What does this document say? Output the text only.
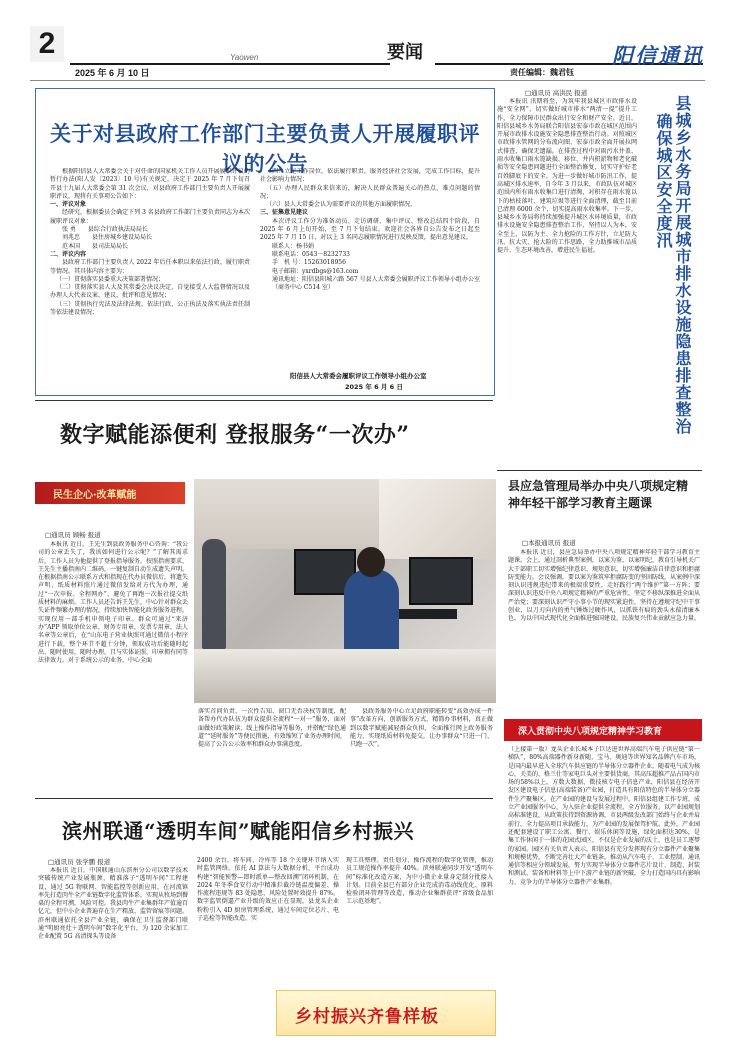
2	Yaowen	要闻
2025 年 6 月 10 日	责任编辑：魏君钰
阳信通讯
关于对县政府工作部门主要负责人开展履职评议的公告
根据阳信县人大常委会关于对任命的国家机关工作人员开展履职评议的暂行办法(阳人发〔2023〕10 号)有关规定，决定于 2025 年 7 月下旬召开县十九届人大常委会第 31 次会议，对县政府工作部门主要负责人开展履职评议，现将有关事项公告如下：
一、评议对象
经研究，根据委员会确定下列 3 名县政府工作部门主要负责同志为本次履职评议对象：
张 勇　　县综合行政执法局局长
刘兆忠　　县住房城乡建设局局长
范本国　　县司法局局长
二、评议内容
县政府工作部门主要负责人 2022 年后任本职以来依法行政、履行职责等情况。其具体内容主要为：
（一）贯彻落实县委重大决策部署情况；
（二）贯彻落实县人大及其常委会决议决定、自觉接受人大监督情况以及办理人大代表议案、建议、批评和意见情况；
（三）贯彻执行宪法及法律法规、依法行政、公正执法及落实执法责任制等依法建设情况；
（四）立足工作岗位，依法履行职责，服务经济社会发展，完成工作目标，提升社会影响力情况；
（五）办理人民群众来信来访，解决人民群众普遍关心的热点、难点问题的情况；
（六）县人大常委会认为需要评议的其他方面履职情况。
三、征集意见建议
本次评议工作分为准备动员、走访调研、集中评议、整改总结四个阶段，自 2025 年 6 月上旬开始，至 7 月下旬结束。欢迎社会各界自公告发布之日起至 2025 年 7 月 15 日，对以上 3 名同志履职情况进行反映反馈，提出意见建议。
联系人：杨书娟
联系电话：0543－8232733
手　机 号：15263018956
电子邮箱：yxrdbgs@163.com
通讯地址：阳信县阳城六路 567 号县人大常委会履职评议工作领导小组办公室（商务中心 C514 室）
阳信县人大常委会履职评议工作领导小组办公室
2025 年 6 月 6 日
□通讯员 高洪民 报道
本报讯 汛期将至，为筑牢我县城区市政排水设施“安全网”，切实做好城市排水“两清一提”提升工作，全力保障市民群众出行安全和财产安全。近日，阳信县城乡水务局联合阳信县宏泰市政在城区范围内开展市政排水设施安全隐患排查整治行动。对照城区市政排水管网的分布流向图，宏泰市政全面开展拉网式排查，确保无遗漏。在排查过程中对雨污水井盖、雨水收集口雨水篦缺损、移位、井内积淤物和老化破损等安全隐患问题进行全面整治修复，切实守护好老百姓脚底下的安全。为进一步做好城市防汛工作，提高城区排水速率，自今年 3 月以来，市政队伍对城区范围内所有雨水收集口进行清淘，对积存在雨水篦以下的枯枝落叶、建筑垃圾等进行全面清理，截至目前已清理 6000 余个，切实提高雨水收集率。下一步，县城乡水务局将持续加强提升城区水环境质量，市政排水设施安全隐患排查整治工作，坚持以人为本，安全至上，以防为主、全力抢险的工作方针，立足防大汛、抗大灾、抢大险的工作思路，全力助推城市品质提升、生态环境改善，增进民生福祉。	县城乡水务局开展城市排水设施隐患排查整治
确保城区安全度汛
数字赋能添便利 登报服务“一次办”
民生企心·改革赋能
□通讯员 顾畅 报道
本报讯 近日，王先生到县政务服务中心咨询：“我公司的公章丢失了，我该如何进行公示呢？”了解其需求后，工作人员为他提供了登报指导服务。按照指南要求，王先生主播指南内二维码，一键复制自动生成遗失声明。在根据指南公示联系方式和指现在代办员微信后，将遗失声明、纸质材料照片通过微信发给对方代为办理，通过“一次申报、全程网办”，避免了再跑一次报社提交纸质材料的麻烦。工作人员还告诉王先生，中心针对群众丢失证件频繁办理的情况，持续加快智能化政务服务进程，实现仅用一部手机申领电子印章。群众可通过“来济办”APP 领取单位公章、财务专用章、发票专用章、法人名章等公章后，在“山东电子营业执照可通过微信小程序进行下载，整个环节不超十分钟，领取成功后能随时起出、随时使用，随时办理，且与实体证照、印章拥有同等法律效力。对于系统公示的业务，中心全面
落实首问负责、一次性告知、窗口无否决权等制度，配备帮办代办队伍为群众提供全流程“一对一”服务，面对面做好政策解读、线上操作指导等服务，并搭配“绿色通道”“延时服务”等便民措施，有效缩短了业务办理时间，提高了公告公示效率和群众办事满意度。
县政务服务中心立足政府职能转变“高效办成一件事”改革方向，创新服务方式，精简办事材料，真正做到以数字赋能减轻群众负担，全面推行网上政务服务能力，实现纸质材料免提交，让办事群众“只进一门、只跑一次”。
县应急管理局举办中央八项规定精神年轻干部学习教育主题课
□本报通讯员 报道
本报讯 近日，县应急局举办中央八项规定精神年轻干部学习教育主题课。会上，通过剖析典型案例，以案为鉴、以案明纪，教育引导机关广大干部职工切实增强纪律意识、规矩意识，切实增强廉洁自律意识和拒腐防变能力。会议强调，要以案为鉴筑牢拒腐防变的坚固防线，从案例中深刻认识违规违纪带来的极端重要性，走好践行“两个维护”第一方阵；要深刻认识违反中央八项规定精神的严重危害性，坚定不移纵深推进全面从严治党；要深刻认识严守小事小节的现实紧迫性，坚持在遵规守纪中干事创业，以刀刃向内的勇气锤炼过硬作风，以抓铁有痕的劲头永葆清廉本色。为以中国式现代化全面推进强国建设、民族复兴伟业贡献应急力量。
深入贯彻中央八项规定精神学习教育
（上接第一版）龙头企业长城本子巨达进世界高端汽车电子供应链“第一梯队”，80%高端器件新身新随，宝马、奥迪等世界知名品牌汽车市场，是国内最早进入全球汽车供应链的半导体分立器件企业。随着电气成为核心，关美的、格兰仕等家电巨头对主要供货商，其高压超推产品占国内市场的58%以上。方数大数据、微技核专电子信息产业，阳信县在经济开发区建设电子信息(高端装备)产业园，打造具有阳信特色的半导体分立器件生产聚集区。在产业园的建设与发展过程中，阳信县组建工作专班，成立产业园服务中心，为入驻企业提供全流程、全方位服务。以产业园规划高标准建设，从政策扶持到资源协调，市县两级发改部门始终与企业并肩前行，全力提高项目承载能力，为产业园的发展保驾护航。此外，产业园还配套建设了职工公寓、餐厅、娱乐休闲等设施，绿化面积达30%，是集工作休闲于一体的花园式园区，不仅是企业发展的沃土，也是员工逐梦的家园。园区有关负责人表示，阳信县有充分发挥现有分立器件产业聚集和规模优势，不断完善壮大产业链条，推动从汽车电子、工业控制、通讯通信等相应分领域发展，努力实现半导体分立器件芯片设计、制造、封装和测试、装备和材料等上中下游产业链的新突破，全力打造国内具有影响力、竞争力的半导体分立器件产业集群。
滨州联通“透明车间”赋能阳信乡村振兴
□通讯员 张学鹏 报道
本报讯 近日，中国联通山东滨州分公司以数字技术突破传统产业发展瓶颈，精准落子“透明车间”工程建设，通过 5G 物联网、智能监控等创新应用，在河流镇率先打造肉牛全产业链数字化监管体系，实现从牧场到餐桌的全程可溯，风险可控。我县肉牛产业集群年产值逾百亿元，但中小企业普遍存在生产粗放、监管留痕等问题。滨州联通依托全县产业全链，确保在卫生监督部门联通“明厨亮灶＋透明车间”数字化平台，为 120 余家加工企业配置 5G 高清探头等设备
2400 余台，将车间、冷库等 18 个关键环节纳入实时监管网络。依托 AI 算法与大数据分析，平台成功构建“智能预警—即时派单—整改回溯”闭环机制，在 2024 年冬季食安行动中精准拦截冷链温度偏差、操作流程违规等 83 处隐患，风险处置时效提升 87%。数字监管倒逼产业升级的效应正在显现。县龙头企业粉粉引入 4D 厨房管理系统，通过车间定位芯片、电子巡检等智能改造，实
现工具整理、责任划分、操作流程的数字化管理，推动员工规范操作率提升 40%。滨州联通同步开发“透明车间”标准化改造方案，为中小微企业量身定制分批接入计划。目前全县已有部分企业完成消毒动线优化、原料检验闭环管理等改造，推动企业集群获评“省级食品加工示范基地”。
乡村振兴齐鲁样板
